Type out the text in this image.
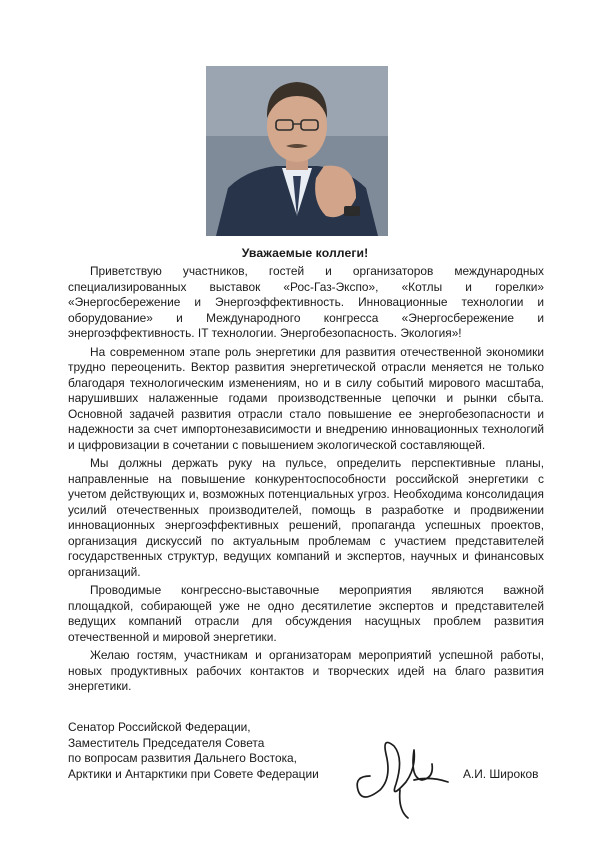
Уважаемые коллеги!

Приветствую участников, гостей и организаторов международных специализированных выставок «Рос-Газ-Экспо», «Котлы и горелки» «Энергосбережение и Энергоэффективность. Инновационные технологии и оборудование» и Международного конгресса «Энергосбережение и энергоэффективность. IT технологии. Энергобезопасность. Экология»!

На современном этапе роль энергетики для развития отечественной экономики трудно переоценить. Вектор развития энергетической отрасли меняется не только благодаря технологическим изменениям, но и в силу событий мирового масштаба, нарушивших налаженные годами производственные цепочки и рынки сбыта. Основной задачей развития отрасли стало повышение ее энергобезопасности и надежности за счет импортонезависимости и внедрению инновационных технологий и цифровизации в сочетании с повышением экологической составляющей.

Мы должны держать руку на пульсе, определить перспективные планы, направленные на повышение конкурентоспособности российской энергетики с учетом действующих и, возможных потенциальных угроз. Необходима консолидация усилий отечественных производителей, помощь в разработке и продвижении инновационных энергоэффективных решений, пропаганда успешных проектов, организация дискуссий по актуальным проблемам с участием представителей государственных структур, ведущих компаний и экспертов, научных и финансовых организаций.

Проводимые конгрессно-выставочные мероприятия являются важной площадкой, собирающей уже не одно десятилетие экспертов и представителей ведущих компаний отрасли для обсуждения насущных проблем развития отечественной и мировой энергетики.

Желаю гостям, участникам и организаторам мероприятий успешной работы, новых продуктивных рабочих контактов и творческих идей на благо развития энергетики.

Сенатор Российской Федерации,
Заместитель Председателя Совета
по вопросам развития Дальнего Востока,
Арктики и Антарктики при Совете Федерации	А.И. Широков
